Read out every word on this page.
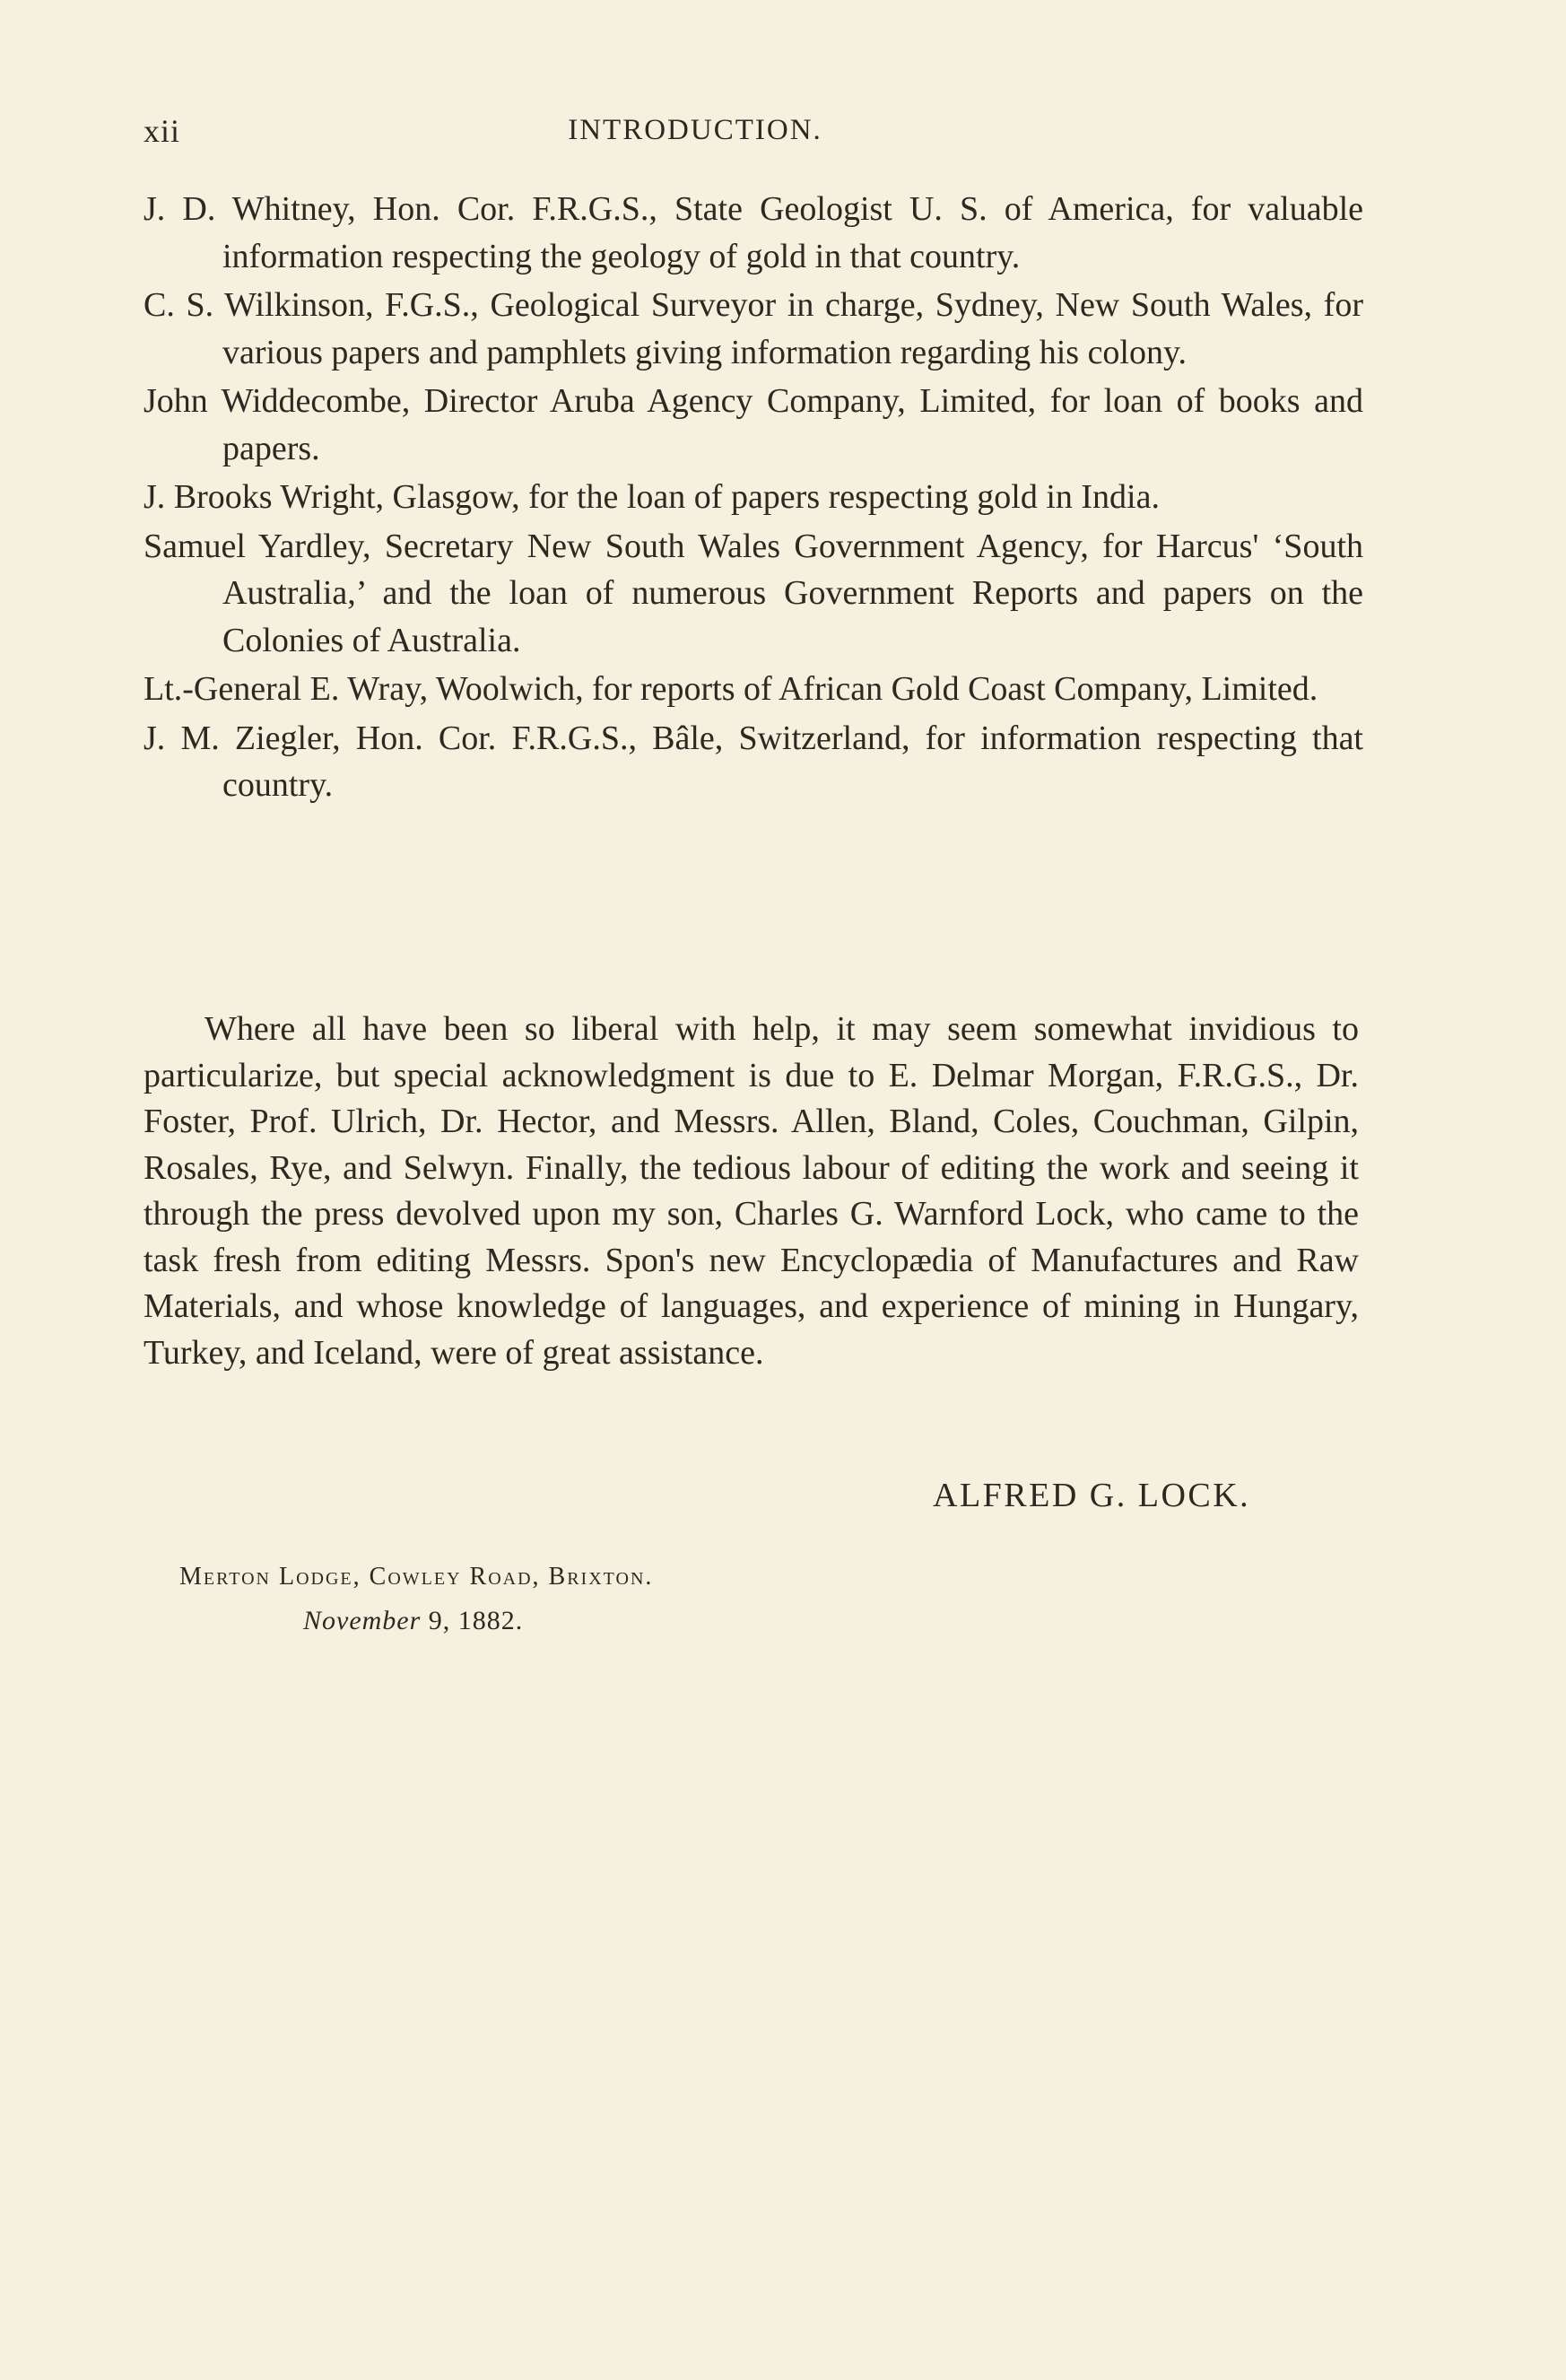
xii	INTRODUCTION.

J. D. Whitney, Hon. Cor. F.R.G.S., State Geologist U. S. of America, for valuable information respecting the geology of gold in that country.

C. S. Wilkinson, F.G.S., Geological Surveyor in charge, Sydney, New South Wales, for various papers and pamphlets giving information regarding his colony.

John Widdecombe, Director Aruba Agency Company, Limited, for loan of books and papers.

J. Brooks Wright, Glasgow, for the loan of papers respecting gold in India.

Samuel Yardley, Secretary New South Wales Government Agency, for Harcus' ‘South Australia,’ and the loan of numerous Government Reports and papers on the Colonies of Australia.

Lt.-General E. Wray, Woolwich, for reports of African Gold Coast Company, Limited.

J. M. Ziegler, Hon. Cor. F.R.G.S., Bâle, Switzerland, for information respecting that country.

Where all have been so liberal with help, it may seem somewhat invidious to particularize, but special acknowledgment is due to E. Delmar Morgan, F.R.G.S., Dr. Foster, Prof. Ulrich, Dr. Hector, and Messrs. Allen, Bland, Coles, Couchman, Gilpin, Rosales, Rye, and Selwyn. Finally, the tedious labour of editing the work and seeing it through the press devolved upon my son, Charles G. Warnford Lock, who came to the task fresh from editing Messrs. Spon's new Encyclopædia of Manufactures and Raw Materials, and whose knowledge of languages, and experience of mining in Hungary, Turkey, and Iceland, were of great assistance.

ALFRED G. LOCK.
Merton Lodge, Cowley Road, Brixton.
November 9, 1882.
